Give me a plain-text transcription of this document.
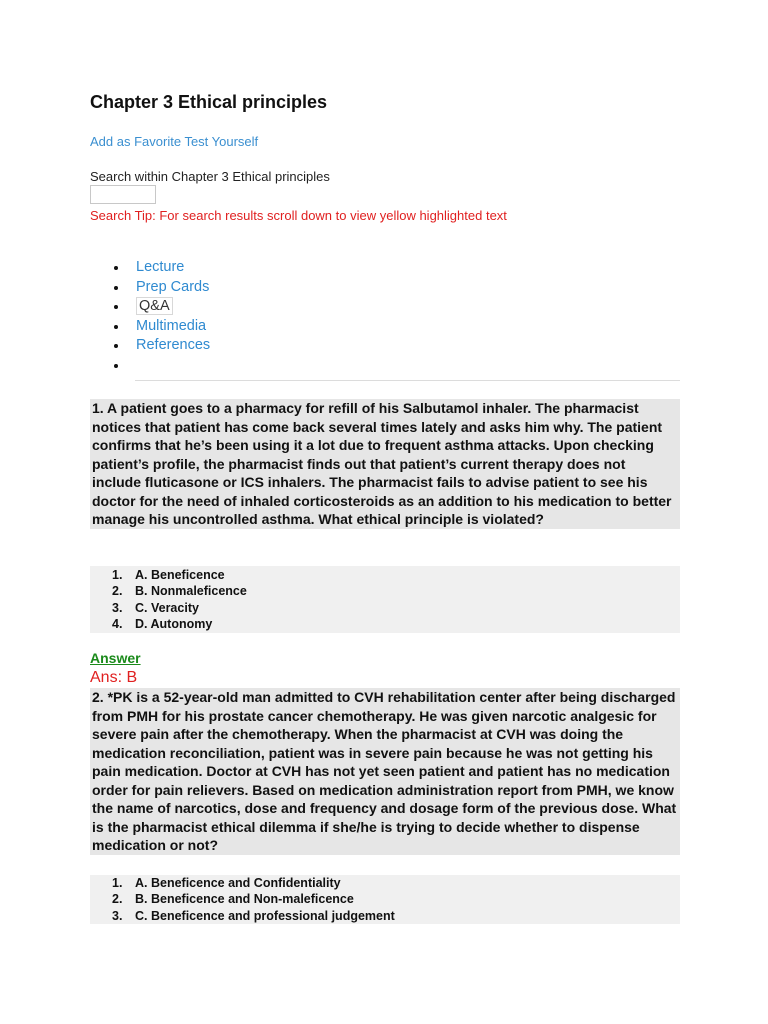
Chapter 3 Ethical principles
Add as Favorite Test Yourself
Search within Chapter 3 Ethical principles
Search Tip: For search results scroll down to view yellow highlighted text
Lecture
Prep Cards
Q&A
Multimedia
References
1. A patient goes to a pharmacy for refill of his Salbutamol inhaler. The pharmacist notices that patient has come back several times lately and asks him why. The patient confirms that he’s been using it a lot due to frequent asthma attacks. Upon checking patient’s profile, the pharmacist finds out that patient’s current therapy does not include fluticasone or ICS inhalers. The pharmacist fails to advise patient to see his doctor for the need of inhaled corticosteroids as an addition to his medication to better manage his uncontrolled asthma. What ethical principle is violated?
1. A. Beneficence
2. B. Nonmaleficence
3. C. Veracity
4. D. Autonomy
Answer
Ans: B
2. *PK is a 52-year-old man admitted to CVH rehabilitation center after being discharged from PMH for his prostate cancer chemotherapy. He was given narcotic analgesic for severe pain after the chemotherapy. When the pharmacist at CVH was doing the medication reconciliation, patient was in severe pain because he was not getting his pain medication. Doctor at CVH has not yet seen patient and patient has no medication order for pain relievers. Based on medication administration report from PMH, we know the name of narcotics, dose and frequency and dosage form of the previous dose. What is the pharmacist ethical dilemma if she/he is trying to decide whether to dispense medication or not?
1. A. Beneficence and Confidentiality
2. B. Beneficence and Non-maleficence
3. C. Beneficence and professional judgement
